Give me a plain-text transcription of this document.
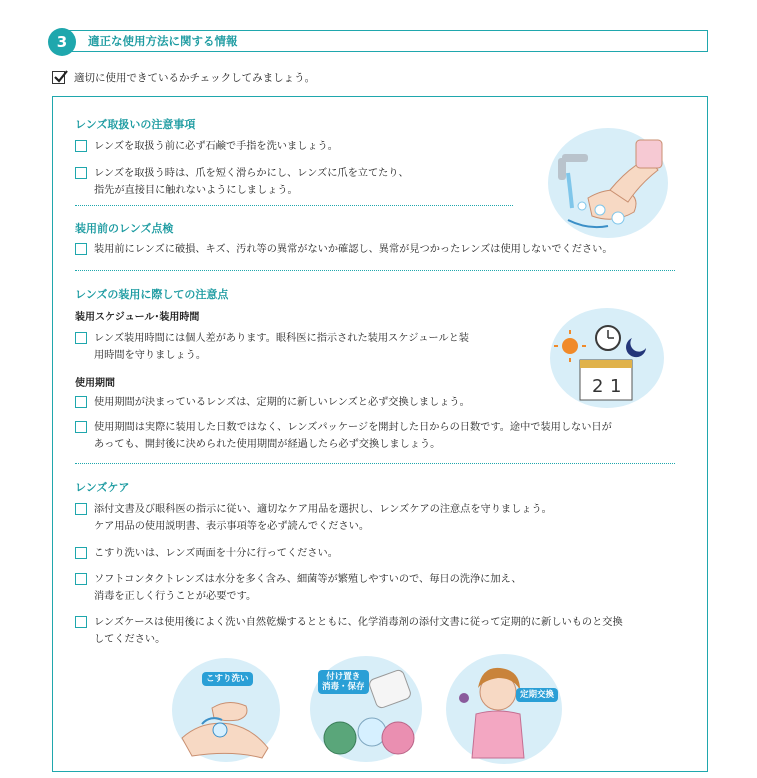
3	適正な使用方法に関する情報
適切に使用できているかチェックしてみましょう。
レンズ取扱いの注意事項
レンズを取扱う前に必ず石鹸で手指を洗いましょう。
レンズを取扱う時は、爪を短く滑らかにし、レンズに爪を立てたり、
指先が直接目に触れないようにしましょう。
装用前のレンズ点検
装用前にレンズに破損、キズ、汚れ等の異常がないか確認し、異常が見つかったレンズは使用しないでください。
レンズの装用に際しての注意点
装用スケジュール･装用時間
レンズ装用時間には個人差があります。眼科医に指示された装用スケジュールと装
用時間を守りましょう。
使用期間
使用期間が決まっているレンズは、定期的に新しいレンズと必ず交換しましょう。
使用期間は実際に装用した日数ではなく、レンズパッケージを開封した日からの日数です。途中で装用しない日が
あっても、開封後に決められた使用期間が経過したら必ず交換しましょう。
2 1
レンズケア
添付文書及び眼科医の指示に従い、適切なケア用品を選択し、レンズケアの注意点を守りましょう。
ケア用品の使用説明書、表示事項等を必ず読んでください。
こすり洗いは、レンズ両面を十分に行ってください。
ソフトコンタクトレンズは水分を多く含み、細菌等が繁殖しやすいので、毎日の洗浄に加え、
消毒を正しく行うことが必要です。
レンズケースは使用後によく洗い自然乾燥するとともに、化学消毒剤の添付文書に従って定期的に新しいものと交換
してください。
こすり洗い	付け置き
消毒・保存
定期交換
